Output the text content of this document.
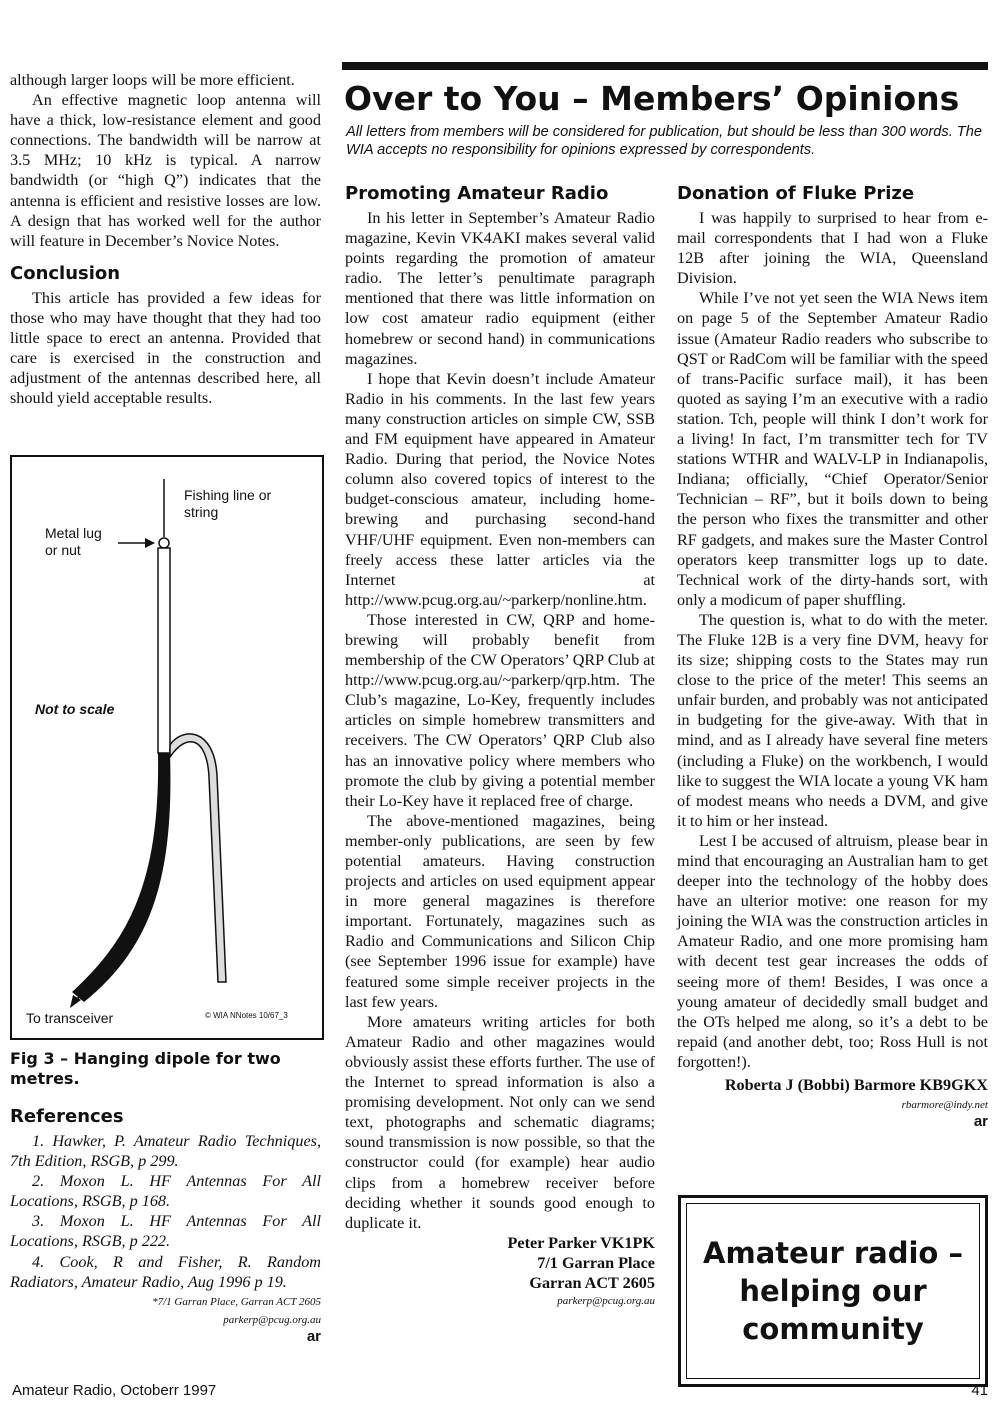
although larger loops will be more efficient.

An effective magnetic loop antenna will have a thick, low-resistance element and good connections. The bandwidth will be narrow at 3.5 MHz; 10 kHz is typical. A narrow bandwidth (or “high Q”) indicates that the antenna is efficient and resistive losses are low. A design that has worked well for the author will feature in December’s Novice Notes.

Conclusion

This article has provided a few ideas for those who may have thought that they had too little space to erect an antenna. Provided that care is exercised in the construction and adjustment of the antennas described here, all should yield acceptable results.

Fishing line or string
Metal lug or nut
Not to scale
To transceiver	© WIA NNotes 10/67_3
Fig 3 – Hanging dipole for two metres.
References

1. Hawker, P. Amateur Radio Techniques, 7th Edition, RSGB, p 299.

2. Moxon L. HF Antennas For All Locations, RSGB, p 168.

3. Moxon L. HF Antennas For All Locations, RSGB, p 222.

4. Cook, R and Fisher, R. Random Radiators, Amateur Radio, Aug 1996 p 19.

*7/1 Garran Place, Garran ACT 2605

parkerp@pcug.org.au

ar

Over to You – Members’ Opinions

All letters from members will be considered for publication, but should be less than 300 words. The WIA accepts no responsibility for opinions expressed by correspondents.

Promoting Amateur Radio

In his letter in September’s Amateur Radio magazine, Kevin VK4AKI makes several valid points regarding the promotion of amateur radio. The letter’s penultimate paragraph mentioned that there was little information on low cost amateur radio equipment (either homebrew or second hand) in communications magazines.

I hope that Kevin doesn’t include Amateur Radio in his comments. In the last few years many construction articles on simple CW, SSB and FM equipment have appeared in Amateur Radio. During that period, the Novice Notes column also covered topics of interest to the budget-conscious amateur, including home-brewing and purchasing second-hand VHF/UHF equipment. Even non-members can freely access these latter articles via the Internet at http://www.pcug.org.au/~parkerp/nonline.htm.

Those interested in CW, QRP and home-brewing will probably benefit from membership of the CW Operators’ QRP Club at http://www.pcug.org.au/~parkerp/qrp.htm. The Club’s magazine, Lo-Key, frequently includes articles on simple homebrew transmitters and receivers. The CW Operators’ QRP Club also has an innovative policy where members who promote the club by giving a potential member their Lo-Key have it replaced free of charge.

The above-mentioned magazines, being member-only publications, are seen by few potential amateurs. Having construction projects and articles on used equipment appear in more general magazines is therefore important. Fortunately, magazines such as Radio and Communications and Silicon Chip (see September 1996 issue for example) have featured some simple receiver projects in the last few years.

More amateurs writing articles for both Amateur Radio and other magazines would obviously assist these efforts further. The use of the Internet to spread information is also a promising development. Not only can we send text, photographs and schematic diagrams; sound transmission is now possible, so that the constructor could (for example) hear audio clips from a homebrew receiver before deciding whether it sounds good enough to duplicate it.

Peter Parker VK1PK

7/1 Garran Place

Garran ACT 2605

parkerp@pcug.org.au

Donation of Fluke Prize

I was happily to surprised to hear from e-mail correspondents that I had won a Fluke 12B after joining the WIA, Queensland Division.

While I’ve not yet seen the WIA News item on page 5 of the September Amateur Radio issue (Amateur Radio readers who subscribe to QST or RadCom will be familiar with the speed of trans-Pacific surface mail), it has been quoted as saying I’m an executive with a radio station. Tch, people will think I don’t work for a living! In fact, I’m transmitter tech for TV stations WTHR and WALV-LP in Indianapolis, Indiana; officially, “Chief Operator/Senior Technician – RF”, but it boils down to being the person who fixes the transmitter and other RF gadgets, and makes sure the Master Control operators keep transmitter logs up to date. Technical work of the dirty-hands sort, with only a modicum of paper shuffling.

The question is, what to do with the meter. The Fluke 12B is a very fine DVM, heavy for its size; shipping costs to the States may run close to the price of the meter! This seems an unfair burden, and probably was not anticipated in budgeting for the give-away. With that in mind, and as I already have several fine meters (including a Fluke) on the workbench, I would like to suggest the WIA locate a young VK ham of modest means who needs a DVM, and give it to him or her instead.

Lest I be accused of altruism, please bear in mind that encouraging an Australian ham to get deeper into the technology of the hobby does have an ulterior motive: one reason for my joining the WIA was the construction articles in Amateur Radio, and one more promising ham with decent test gear increases the odds of seeing more of them! Besides, I was once a young amateur of decidedly small budget and the OTs helped me along, so it’s a debt to be repaid (and another debt, too; Ross Hull is not forgotten!).

Roberta J (Bobbi) Barmore KB9GKX

rbarmore@indy.net

ar

Amateur radio – helping our community
Amateur Radio, Octoberr 1997	41
